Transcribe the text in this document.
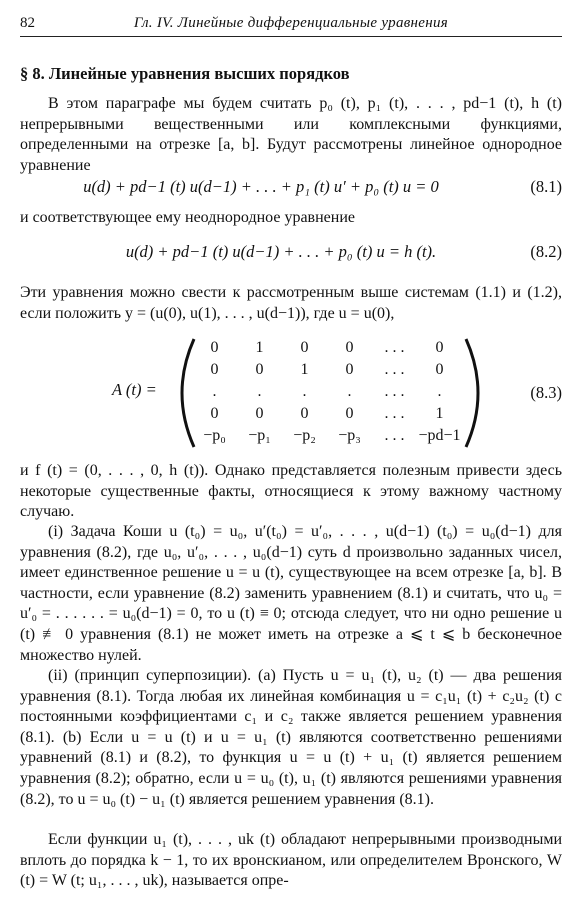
82	Гл. IV. Линейные дифференциальные уравнения
§ 8. Линейные уравнения высших порядков
В этом параграфе мы будем считать p₀ (t), p₁ (t), . . . , pd−1 (t), h (t) непрерывными вещественными или комплексными функциями, определенными на отрезке [a, b]. Будут рассмотрены линейное однородное уравнение
u(d) + pd−1 (t) u(d−1) + . . . + p₁ (t) u′ + p₀ (t) u = 0	(8.1)
и соответствующее ему неоднородное уравнение
u(d) + pd−1 (t) u(d−1) + . . . + p₀ (t) u = h (t).	(8.2)
Эти уравнения можно свести к рассмотренным выше системам (1.1) и (1.2), если положить y = (u(0), u(1), . . . , u(d−1)), где u = u(0),
A (t) =
0	1	0	0	. . .	0
0	0	1	0	. . .	0
.	.	.	.	. . .	.
0	0	0	0	. . .	1
−p₀	−p₁	−p₂	−p₃	. . .	−pd−1
(8.3)
и f (t) = (0, . . . , 0, h (t)). Однако представляется полезным привести здесь некоторые существенные факты, относящиеся к этому важному частному случаю.
(i) Задача Коши u (t₀) = u₀, u′(t₀) = u′₀, . . . , u(d−1) (t₀) = u₀(d−1) для уравнения (8.2), где u₀, u′₀, . . . , u₀(d−1) суть d произвольно заданных чисел, имеет единственное решение u = u (t), существующее на всем отрезке [a, b]. В частности, если уравнение (8.2) заменить уравнением (8.1) и считать, что u₀ = u′₀ = . . . . . . = u₀(d−1) = 0, то u (t) ≡ 0; отсюда следует, что ни одно решение u (t) ≢ 0 уравнения (8.1) не может иметь на отрезке a ⩽ t ⩽ b бесконечное множество нулей.
(ii) (принцип суперпозиции). (a) Пусть u = u₁ (t), u₂ (t) — два решения уравнения (8.1). Тогда любая их линейная комбинация u = c₁u₁ (t) + c₂u₂ (t) с постоянными коэффициентами c₁ и c₂ также является решением уравнения (8.1). (b) Если u = u (t) и u = u₁ (t) являются соответственно решениями уравнений (8.1) и (8.2), то функция u = u (t) + u₁ (t) является решением уравнения (8.2); обратно, если u = u₀ (t), u₁ (t) являются решениями уравнения (8.2), то u = u₀ (t) − u₁ (t) является решением уравнения (8.1).
Если функции u₁ (t), . . . , uk (t) обладают непрерывными производными вплоть до порядка k − 1, то их вронскианом, или определителем Вронского, W (t) = W (t; u₁, . . . , uk), называется опре-
